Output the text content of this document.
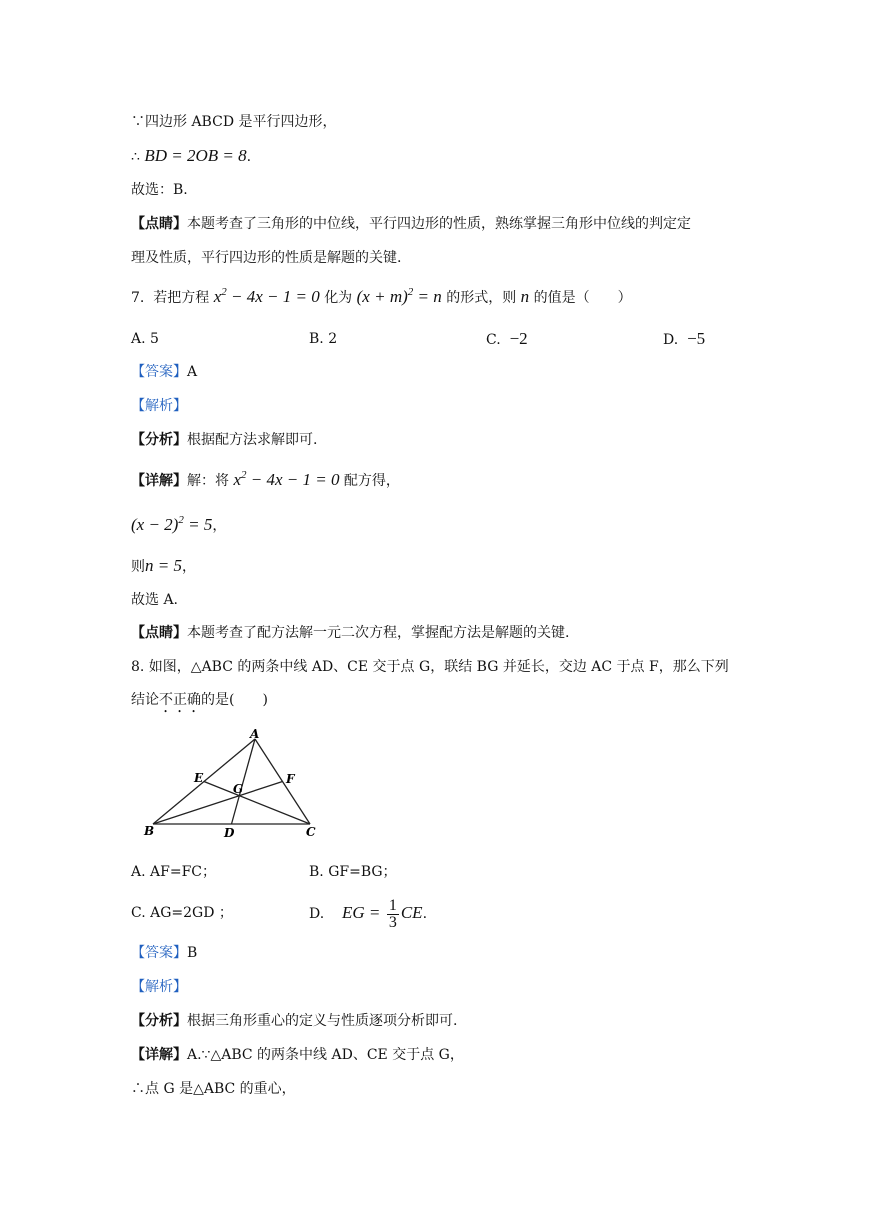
∵四边形 ABCD 是平行四边形，
∴ BD = 2OB = 8.
故选：B.
【点睛】本题考查了三角形的中位线，平行四边形的性质，熟练掌握三角形中位线的判定定
理及性质，平行四边形的性质是解题的关键.
7. 若把方程 $x^2 - 4x - 1 = 0$ 化为 $(x + m)^2 = n$ 的形式，则 n 的值是（　　）
A. 5	B. 2	C. −2	D. −5
【答案】A
【解析】
【分析】根据配方法求解即可.
【详解】解：将 $x^2 - 4x - 1 = 0$ 配方得，
$(x - 2)^2 = 5$，
则n = 5，
故选 A.
【点睛】本题考查了配方法解一元二次方程，掌握配方法是解题的关键.
8. 如图，△ABC 的两条中线 AD、CE 交于点 G，联结 BG 并延长，交边 AC 于点 F，那么下列
结论不正确的是(　　)
A
E	F
G
B	D	C
A. AF=FC；	B. GF=BG；
C. AG=2GD ；	D. EG = $\frac{1}{3}$ CE.
【答案】B
【解析】
【分析】根据三角形重心的定义与性质逐项分析即可.
【详解】A.∵△ABC 的两条中线 AD、CE 交于点 G，
∴点 G 是△ABC 的重心，
